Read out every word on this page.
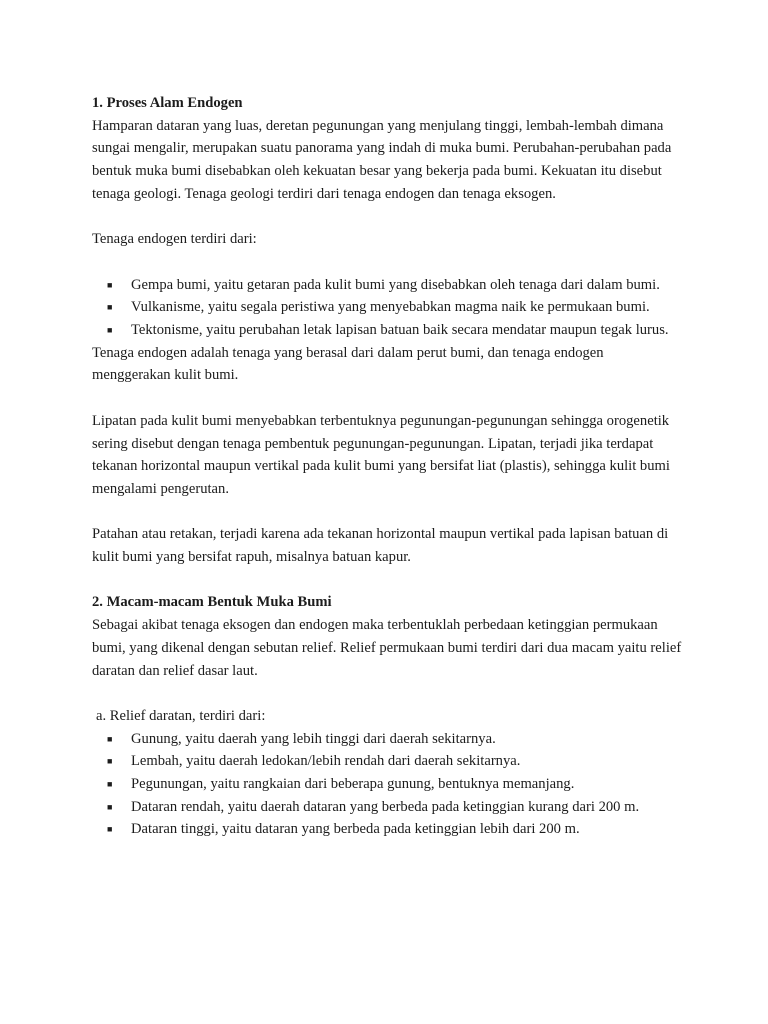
1. Proses Alam Endogen

Hamparan dataran yang luas, deretan pegunungan yang menjulang tinggi, lembah-lembah dimana sungai mengalir, merupakan suatu panorama yang indah di muka bumi. Perubahan-perubahan pada bentuk muka bumi disebabkan oleh kekuatan besar yang bekerja pada bumi. Kekuatan itu disebut tenaga geologi. Tenaga geologi terdiri dari tenaga endogen dan tenaga eksogen.

Tenaga endogen terdiri dari:

■ Gempa bumi, yaitu getaran pada kulit bumi yang disebabkan oleh tenaga dari dalam bumi.
■ Vulkanisme, yaitu segala peristiwa yang menyebabkan magma naik ke permukaan bumi.
■ Tektonisme, yaitu perubahan letak lapisan batuan baik secara mendatar maupun tegak lurus.

Tenaga endogen adalah tenaga yang berasal dari dalam perut bumi, dan tenaga endogen menggerakan kulit bumi.

Lipatan pada kulit bumi menyebabkan terbentuknya pegunungan-pegunungan sehingga orogenetik sering disebut dengan tenaga pembentuk pegunungan-pegunungan. Lipatan, terjadi jika terdapat tekanan horizontal maupun vertikal pada kulit bumi yang bersifat liat (plastis), sehingga kulit bumi mengalami pengerutan.

Patahan atau retakan, terjadi karena ada tekanan horizontal maupun vertikal pada lapisan batuan di kulit bumi yang bersifat rapuh, misalnya batuan kapur.

2. Macam-macam Bentuk Muka Bumi

Sebagai akibat tenaga eksogen dan endogen maka terbentuklah perbedaan ketinggian permukaan bumi, yang dikenal dengan sebutan relief. Relief permukaan bumi terdiri dari dua macam yaitu relief daratan dan relief dasar laut.

a. Relief daratan, terdiri dari:

■ Gunung, yaitu daerah yang lebih tinggi dari daerah sekitarnya.
■ Lembah, yaitu daerah ledokan/lebih rendah dari daerah sekitarnya.
■ Pegunungan, yaitu rangkaian dari beberapa gunung, bentuknya memanjang.
■ Dataran rendah, yaitu daerah dataran yang berbeda pada ketinggian kurang dari 200 m.
■ Dataran tinggi, yaitu dataran yang berbeda pada ketinggian lebih dari 200 m.
